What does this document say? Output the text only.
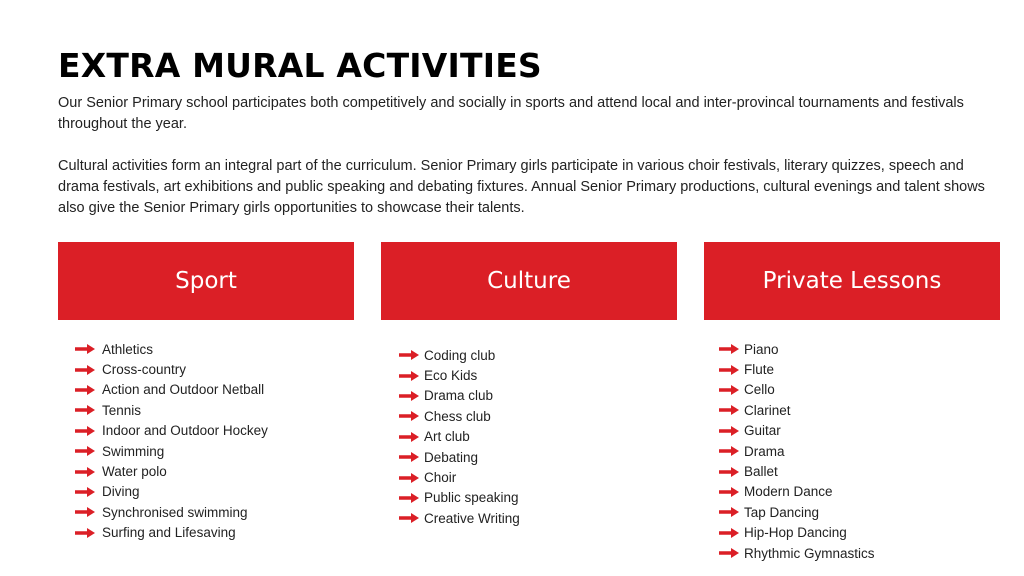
EXTRA MURAL ACTIVITIES

Our Senior Primary school participates both competitively and socially in sports and attend local and inter-provincal tournaments and festivals throughout the year.

Cultural activities form an integral part of the curriculum. Senior Primary girls participate in various choir festivals, literary quizzes, speech and drama festivals, art exhibitions and public speaking and debating fixtures. Annual Senior Primary productions, cultural evenings and talent shows also give the Senior Primary girls opportunities to showcase their talents.

Sport	Culture	Private Lessons
Athletics
Cross-country
Action and Outdoor Netball
Tennis
Indoor and Outdoor Hockey
Swimming
Water polo
Diving
Synchronised swimming
Surfing and Lifesaving
Coding club
Eco Kids
Drama club
Chess club
Art club
Debating
Choir
Public speaking
Creative Writing
Piano
Flute
Cello
Clarinet
Guitar
Drama
Ballet
Modern Dance
Tap Dancing
Hip-Hop Dancing
Rhythmic Gymnastics
